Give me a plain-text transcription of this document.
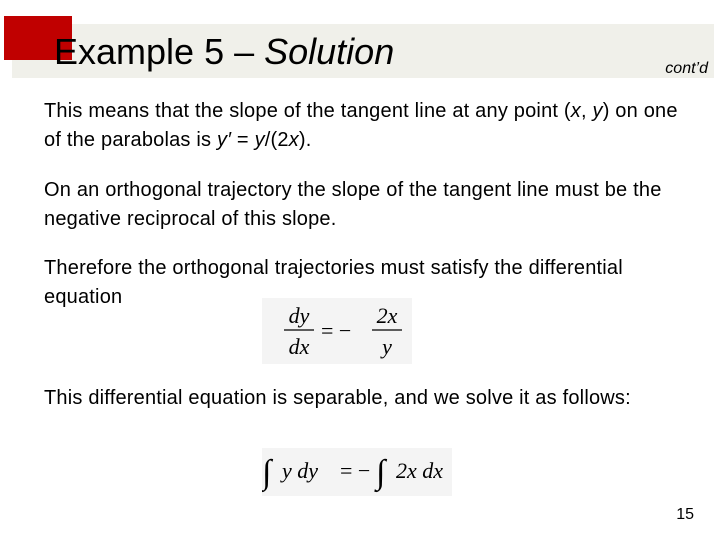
Example 5 – Solution	cont’d
This means that the slope of the tangent line at any point (x, y) on one of the parabolas is y′ = y/(2x).
On an orthogonal trajectory the slope of the tangent line must be the negative reciprocal of this slope.
Therefore the orthogonal trajectories must satisfy the differential equation
dy
dx
= −
2x
y
This differential equation is separable, and we solve it as follows:
∫ y dy = − ∫ 2x dx
15
